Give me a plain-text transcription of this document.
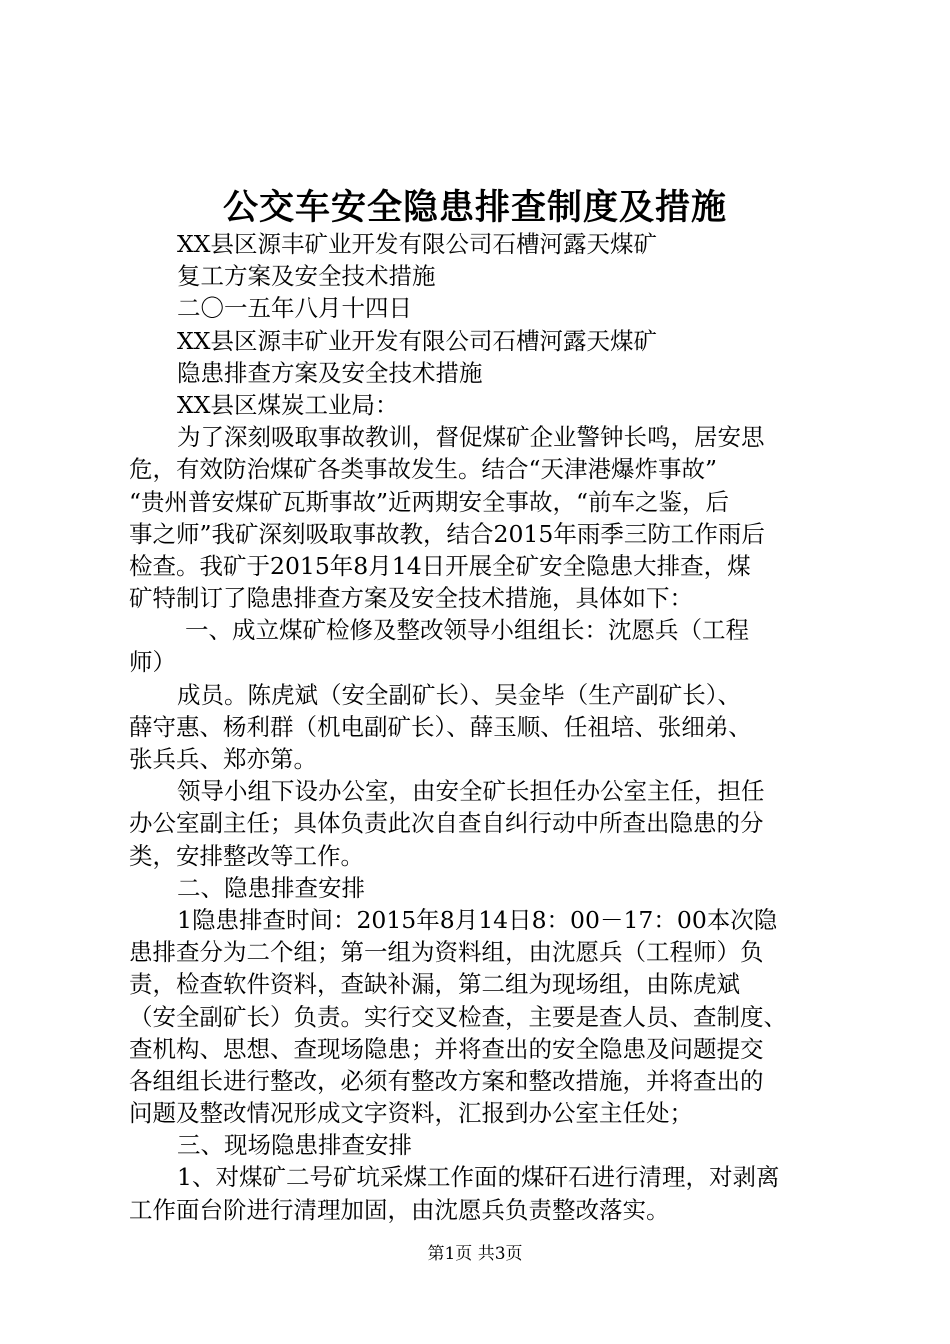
公交车安全隐患排查制度及措施
XX县区源丰矿业开发有限公司石槽河露天煤矿
复工方案及安全技术措施
二〇一五年八月十四日
XX县区源丰矿业开发有限公司石槽河露天煤矿
隐患排查方案及安全技术措施
XX县区煤炭工业局：
为了深刻吸取事故教训，督促煤矿企业警钟长鸣，居安思
危，有效防治煤矿各类事故发生。结合“天津港爆炸事故”
“贵州普安煤矿瓦斯事故”近两期安全事故，“前车之鉴，后
事之师”我矿深刻吸取事故教，结合2015年雨季三防工作雨后
检查。我矿于2015年8月14日开展全矿安全隐患大排查，煤
矿特制订了隐患排查方案及安全技术措施，具体如下：
一、成立煤矿检修及整改领导小组组长：沈愿兵（工程
师）
成员。陈虎斌（安全副矿长）、吴金毕（生产副矿长）、
薛守惠、杨利群（机电副矿长）、薛玉顺、任祖培、张细弟、
张兵兵、郑亦第。
领导小组下设办公室，由安全矿长担任办公室主任，担任
办公室副主任；具体负责此次自查自纠行动中所查出隐患的分
类，安排整改等工作。
二、隐患排查安排
1隐患排查时间：2015年8月14日8：00－17：00本次隐
患排查分为二个组；第一组为资料组，由沈愿兵（工程师）负
责，检查软件资料，查缺补漏，第二组为现场组，由陈虎斌
（安全副矿长）负责。实行交叉检查，主要是查人员、查制度、
查机构、思想、查现场隐患；并将查出的安全隐患及问题提交
各组组长进行整改，必须有整改方案和整改措施，并将查出的
问题及整改情况形成文字资料，汇报到办公室主任处；
三、现场隐患排查安排
1、对煤矿二号矿坑采煤工作面的煤矸石进行清理，对剥离
工作面台阶进行清理加固，由沈愿兵负责整改落实。
第1页 共3页
